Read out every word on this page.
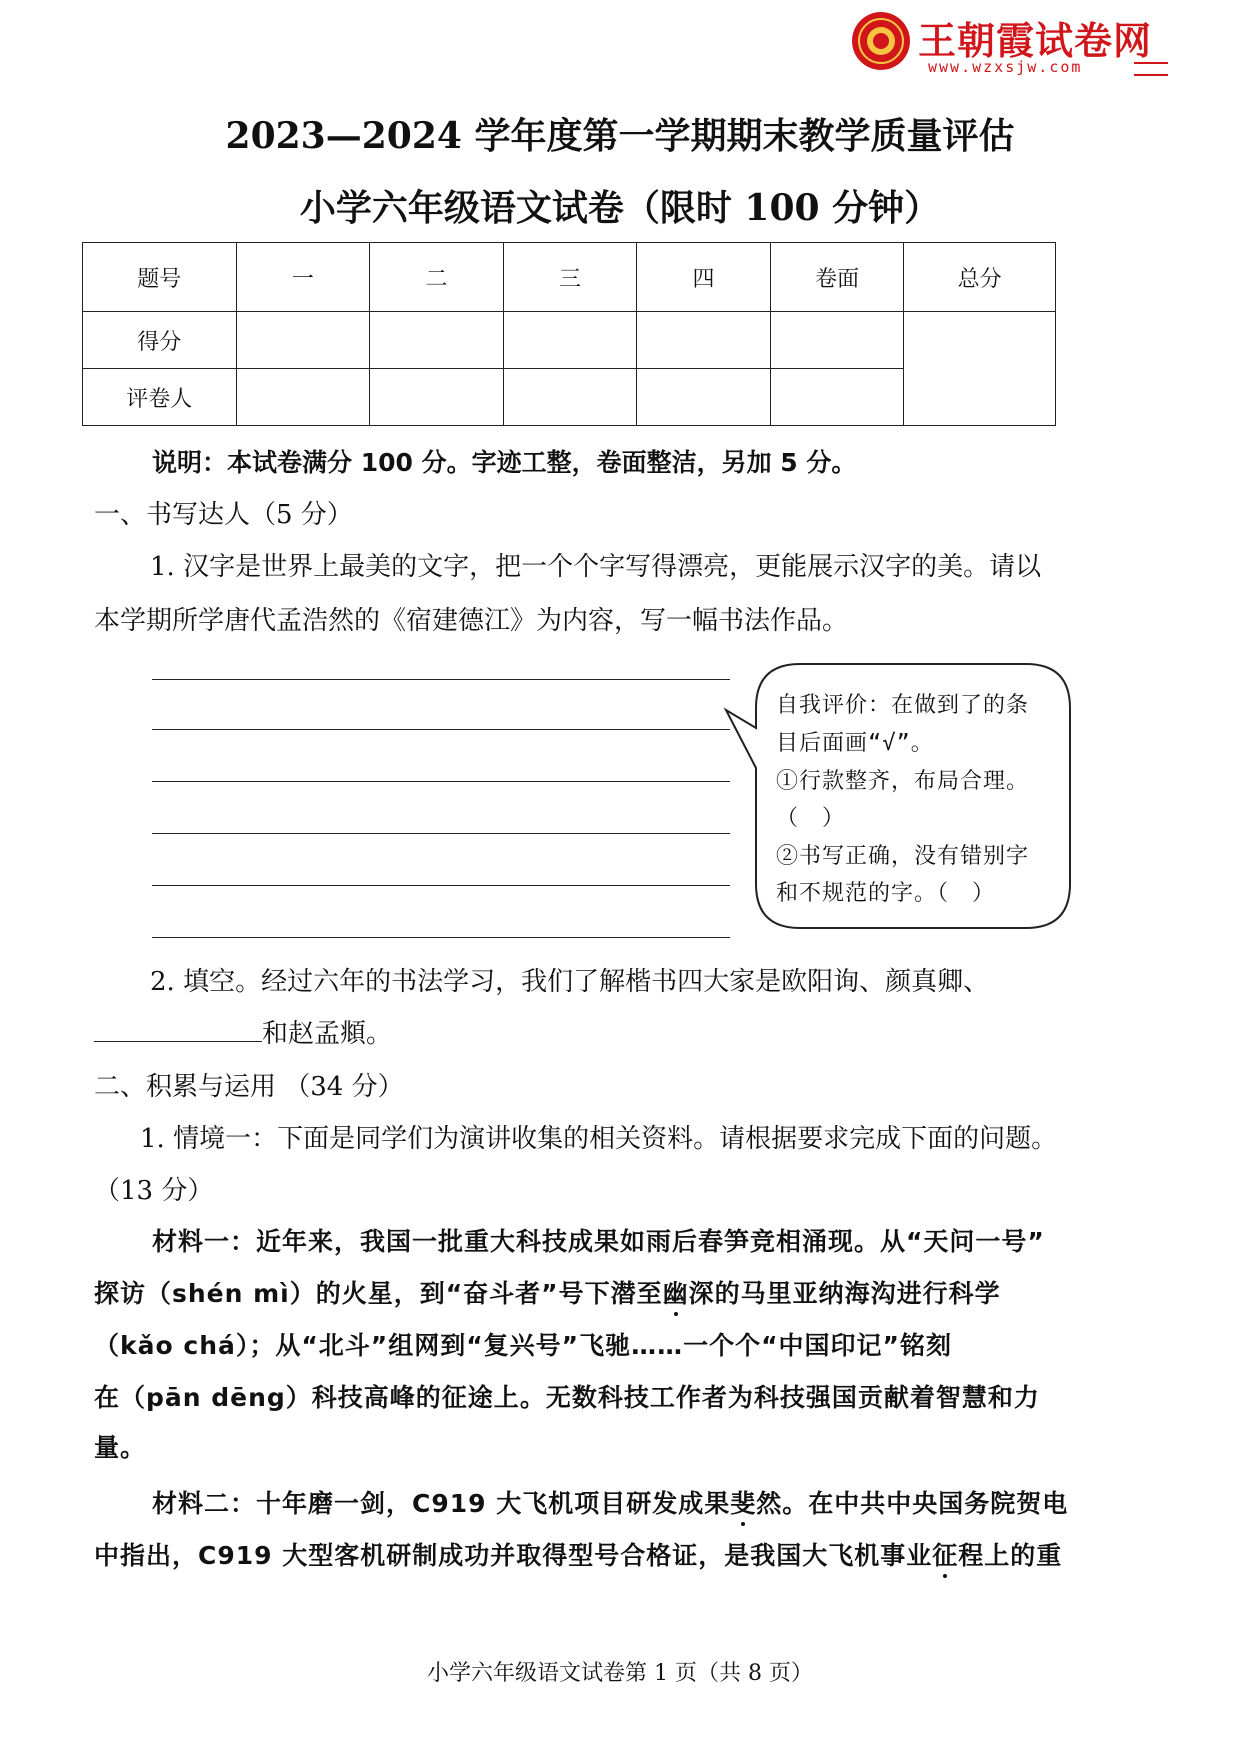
王朝霞试卷网
www.wzxsjw.com
2023—2024 学年度第一学期期末教学质量评估
小学六年级语文试卷（限时 100 分钟）
题号	一	二	三	四	卷面	总分
得分						
评卷人						
说明：本试卷满分 100 分。字迹工整，卷面整洁，另加 5 分。
一、书写达人（5 分）
1. 汉字是世界上最美的文字，把一个个字写得漂亮，更能展示汉字的美。请以
本学期所学唐代孟浩然的《宿建德江》为内容，写一幅书法作品。
自我评价：在做到了的条
目后面画“√”。
①行款整齐，布局合理。
（　）
②书写正确，没有错别字
和不规范的字。（　）
2. 填空。经过六年的书法学习，我们了解楷书四大家是欧阳询、颜真卿、
和赵孟頫。
二、积累与运用 （34 分）
1. 情境一：下面是同学们为演讲收集的相关资料。请根据要求完成下面的问题。
（13 分）
材料一：近年来，我国一批重大科技成果如雨后春笋竞相涌现。从“天问一号”
探访（shén mì）的火星，到“奋斗者”号下潜至幽深的马里亚纳海沟进行科学
（kǎo chá）；从“北斗”组网到“复兴号”飞驰……一个个“中国印记”铭刻
在（pān dēng）科技高峰的征途上。无数科技工作者为科技强国贡献着智慧和力
量。
材料二：十年磨一剑，C919 大飞机项目研发成果斐然。在中共中央国务院贺电
中指出，C919 大型客机研制成功并取得型号合格证，是我国大飞机事业征程上的重
小学六年级语文试卷第 1 页（共 8 页）
